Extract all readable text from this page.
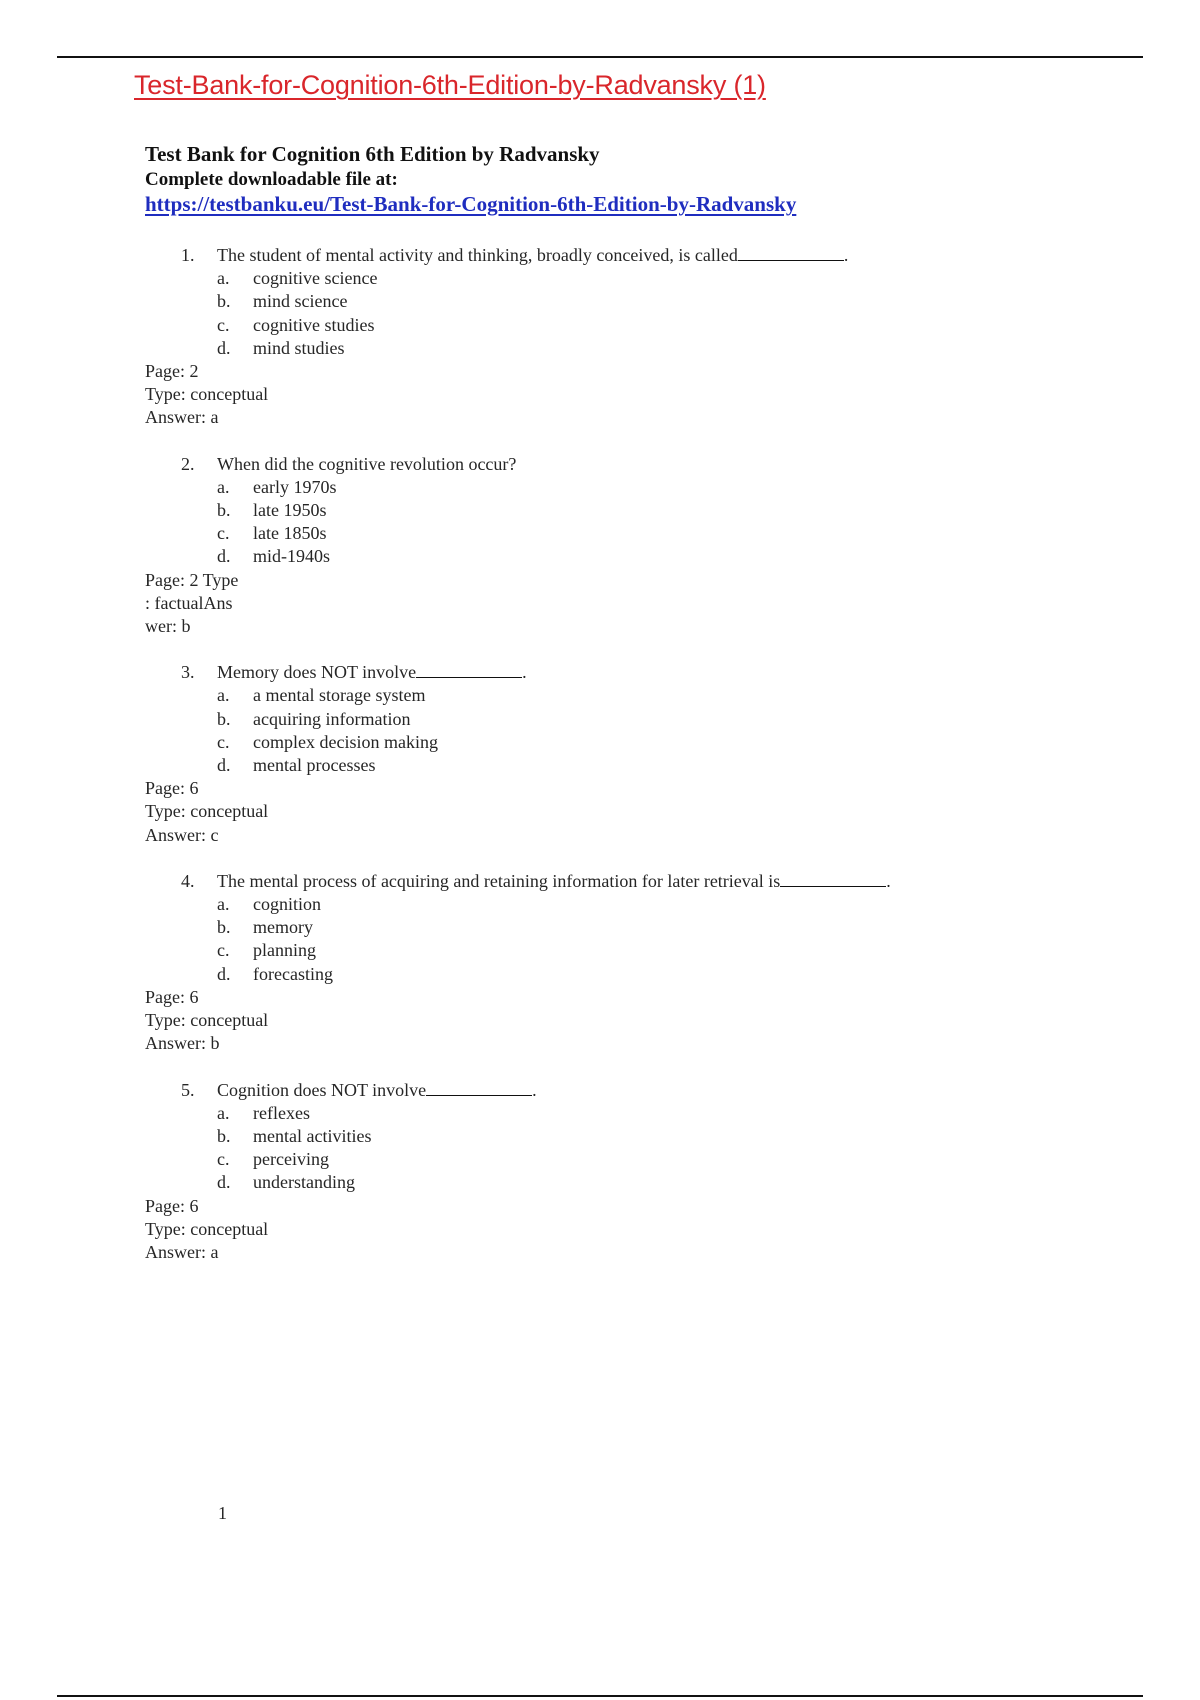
Test-Bank-for-Cognition-6th-Edition-by-Radvansky (1)
Test Bank for Cognition 6th Edition by Radvansky
Complete downloadable file at:
https://testbanku.eu/Test-Bank-for-Cognition-6th-Edition-by-Radvansky
1. The student of mental activity and thinking, broadly conceived, is called	.
a. cognitive science
b. mind science
c. cognitive studies
d. mind studies
Page: 2
Type: conceptual
Answer: a
2. When did the cognitive revolution occur?
a. early 1970s
b. late 1950s
c. late 1850s
d. mid-1940s
Page: 2 Type
: factualAns
wer: b
3. Memory does NOT involve	.
a. a mental storage system
b. acquiring information
c. complex decision making
d. mental processes
Page: 6
Type: conceptual
Answer: c
4. The mental process of acquiring and retaining information for later retrieval is	.
a. cognition
b. memory
c. planning
d. forecasting
Page: 6
Type: conceptual
Answer: b
5. Cognition does NOT involve	.
a. reflexes
b. mental activities
c. perceiving
d. understanding
Page: 6
Type: conceptual
Answer: a
1
